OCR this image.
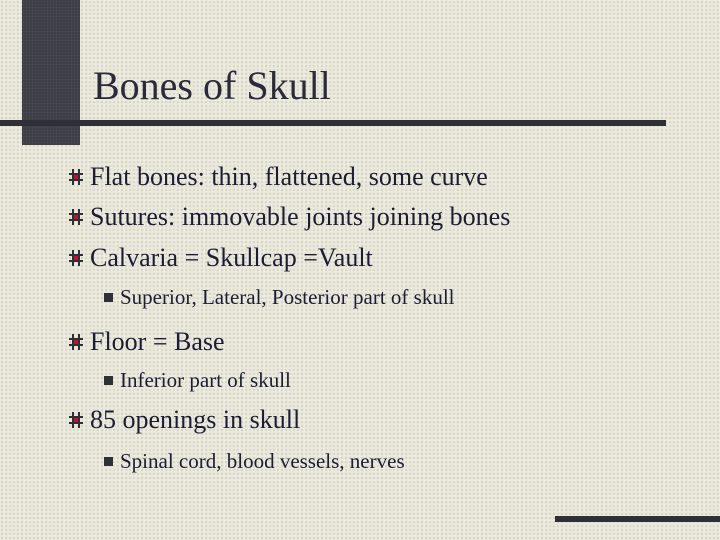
Bones of Skull
Flat bones: thin, flattened, some curve
Sutures: immovable joints joining bones
Calvaria = Skullcap =Vault
Superior, Lateral, Posterior part of skull
Floor = Base
Inferior part of skull
85 openings in skull
Spinal cord, blood vessels, nerves
